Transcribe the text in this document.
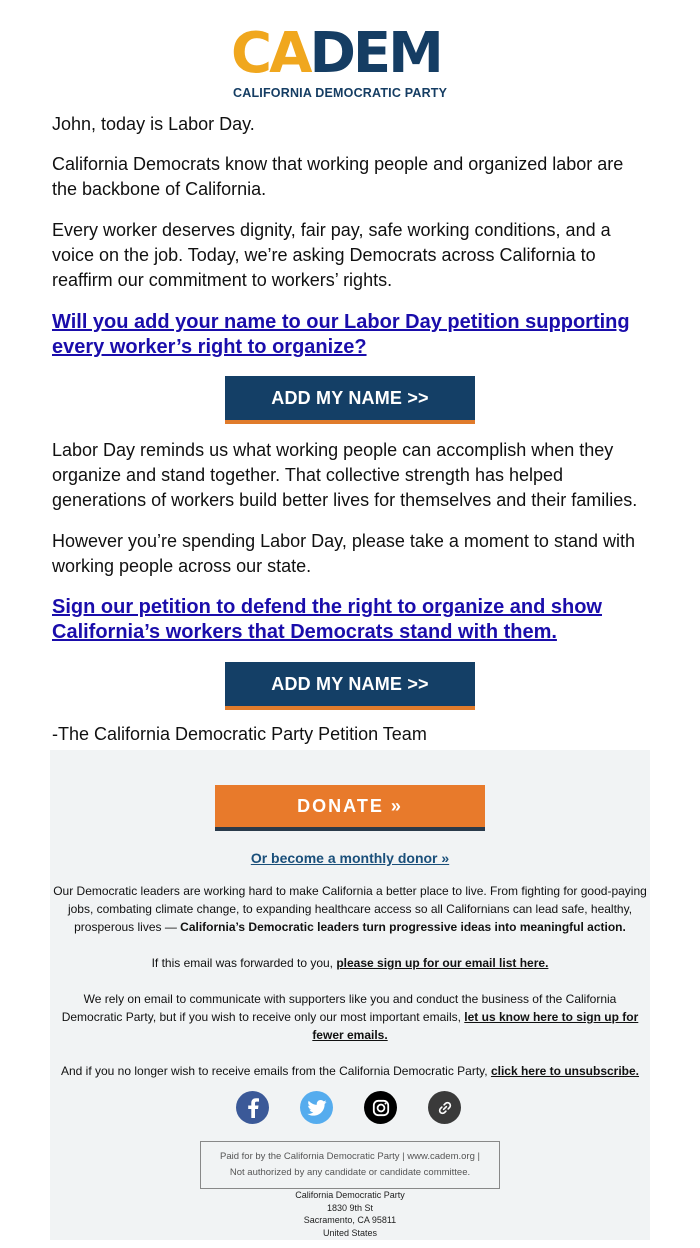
CADEM
CALIFORNIA DEMOCRATIC PARTY
John, today is Labor Day.
California Democrats know that working people and organized labor are the backbone of California.
Every worker deserves dignity, fair pay, safe working conditions, and a voice on the job. Today, we’re asking Democrats across California to reaffirm our commitment to workers’ rights.
Will you add your name to our Labor Day petition supporting every worker’s right to organize?
ADD MY NAME >>
Labor Day reminds us what working people can accomplish when they organize and stand together. That collective strength has helped generations of workers build better lives for themselves and their families.
However you’re spending Labor Day, please take a moment to stand with working people across our state.
Sign our petition to defend the right to organize and show California’s workers that Democrats stand with them.
ADD MY NAME >>
-The California Democratic Party Petition Team
DONATE »
Or become a monthly donor »
Our Democratic leaders are working hard to make California a better place to live. From fighting for good-paying jobs, combating climate change, to expanding healthcare access so all Californians can lead safe, healthy, prosperous lives — California’s Democratic leaders turn progressive ideas into meaningful action.
If this email was forwarded to you, please sign up for our email list here.
We rely on email to communicate with supporters like you and conduct the business of the California Democratic Party, but if you wish to receive only our most important emails, let us know here to sign up for fewer emails.
And if you no longer wish to receive emails from the California Democratic Party, click here to unsubscribe.
Paid for by the California Democratic Party | www.cadem.org |
Not authorized by any candidate or candidate committee.
California Democratic Party
1830 9th St
Sacramento, CA 95811
United States
